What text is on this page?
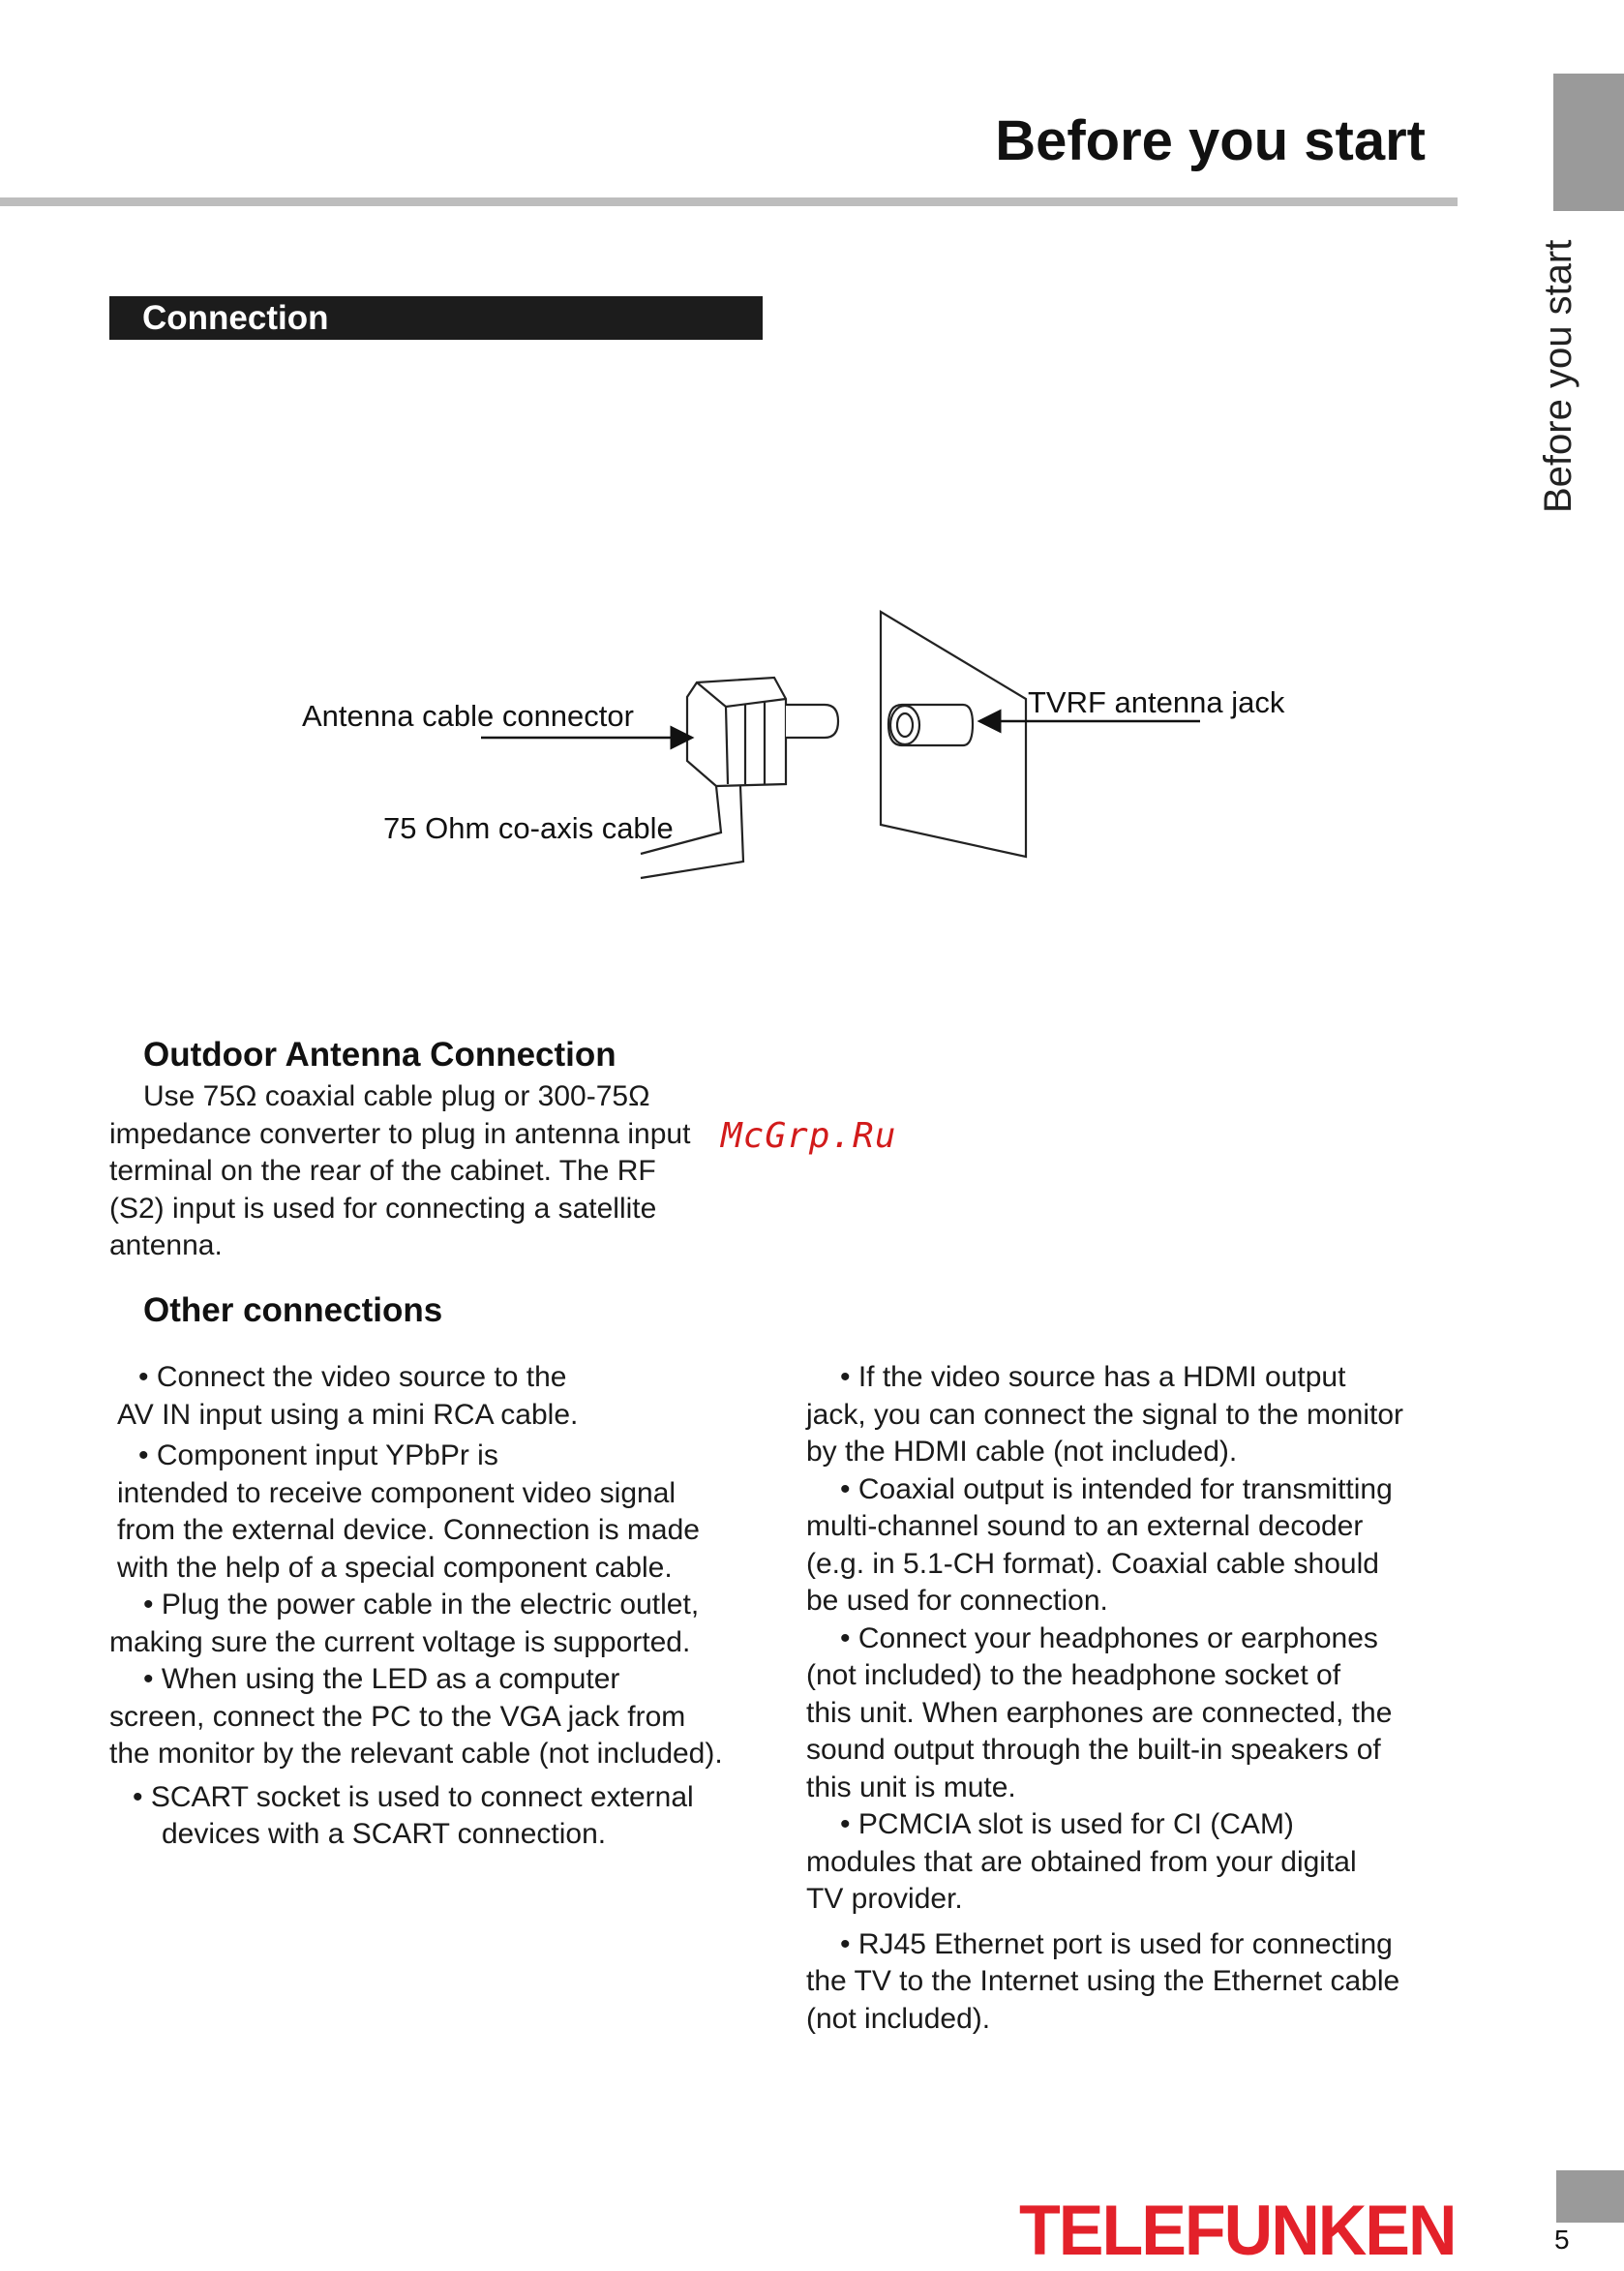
Before you start
Before you start
Connection
Antenna cable connector
75 Ohm co-axis cable
TVRF antenna jack
Outdoor Antenna Connection

Use 75Ω coaxial cable plug or 300-75Ω

impedance converter to plug in antenna input

terminal on the rear of the cabinet. The RF

(S2) input is used for connecting a satellite

antenna.

McGrp.Ru
Other connections

• Connect the video source to the

AV IN input using a mini RCA cable.

• Component input YPbPr is

intended to receive component video signal

from the external device. Connection is made

with the help of a special component cable.

• Plug the power cable in the electric outlet,

making sure the current voltage is supported.

• When using the LED as a computer

screen, connect the PC to the VGA jack from

the monitor by the relevant cable (not included).

• SCART socket is used to connect external

devices with a SCART connection.

• If the video source has a HDMI output

jack, you can connect the signal to the monitor

by the HDMI cable (not included).

• Coaxial output is intended for transmitting

multi-channel sound to an external decoder

(e.g. in 5.1-CH format). Coaxial cable should

be used for connection.

• Connect your headphones or earphones

(not included) to the headphone socket of

this unit. When earphones are connected, the

sound output through the built-in speakers of

this unit is mute.

• PCMCIA slot is used for CI (CAM)

modules that are obtained from your digital

TV provider.

• RJ45 Ethernet port is used for connecting

the TV to the Internet using the Ethernet cable

(not included).

TELEFUNKEN	5
